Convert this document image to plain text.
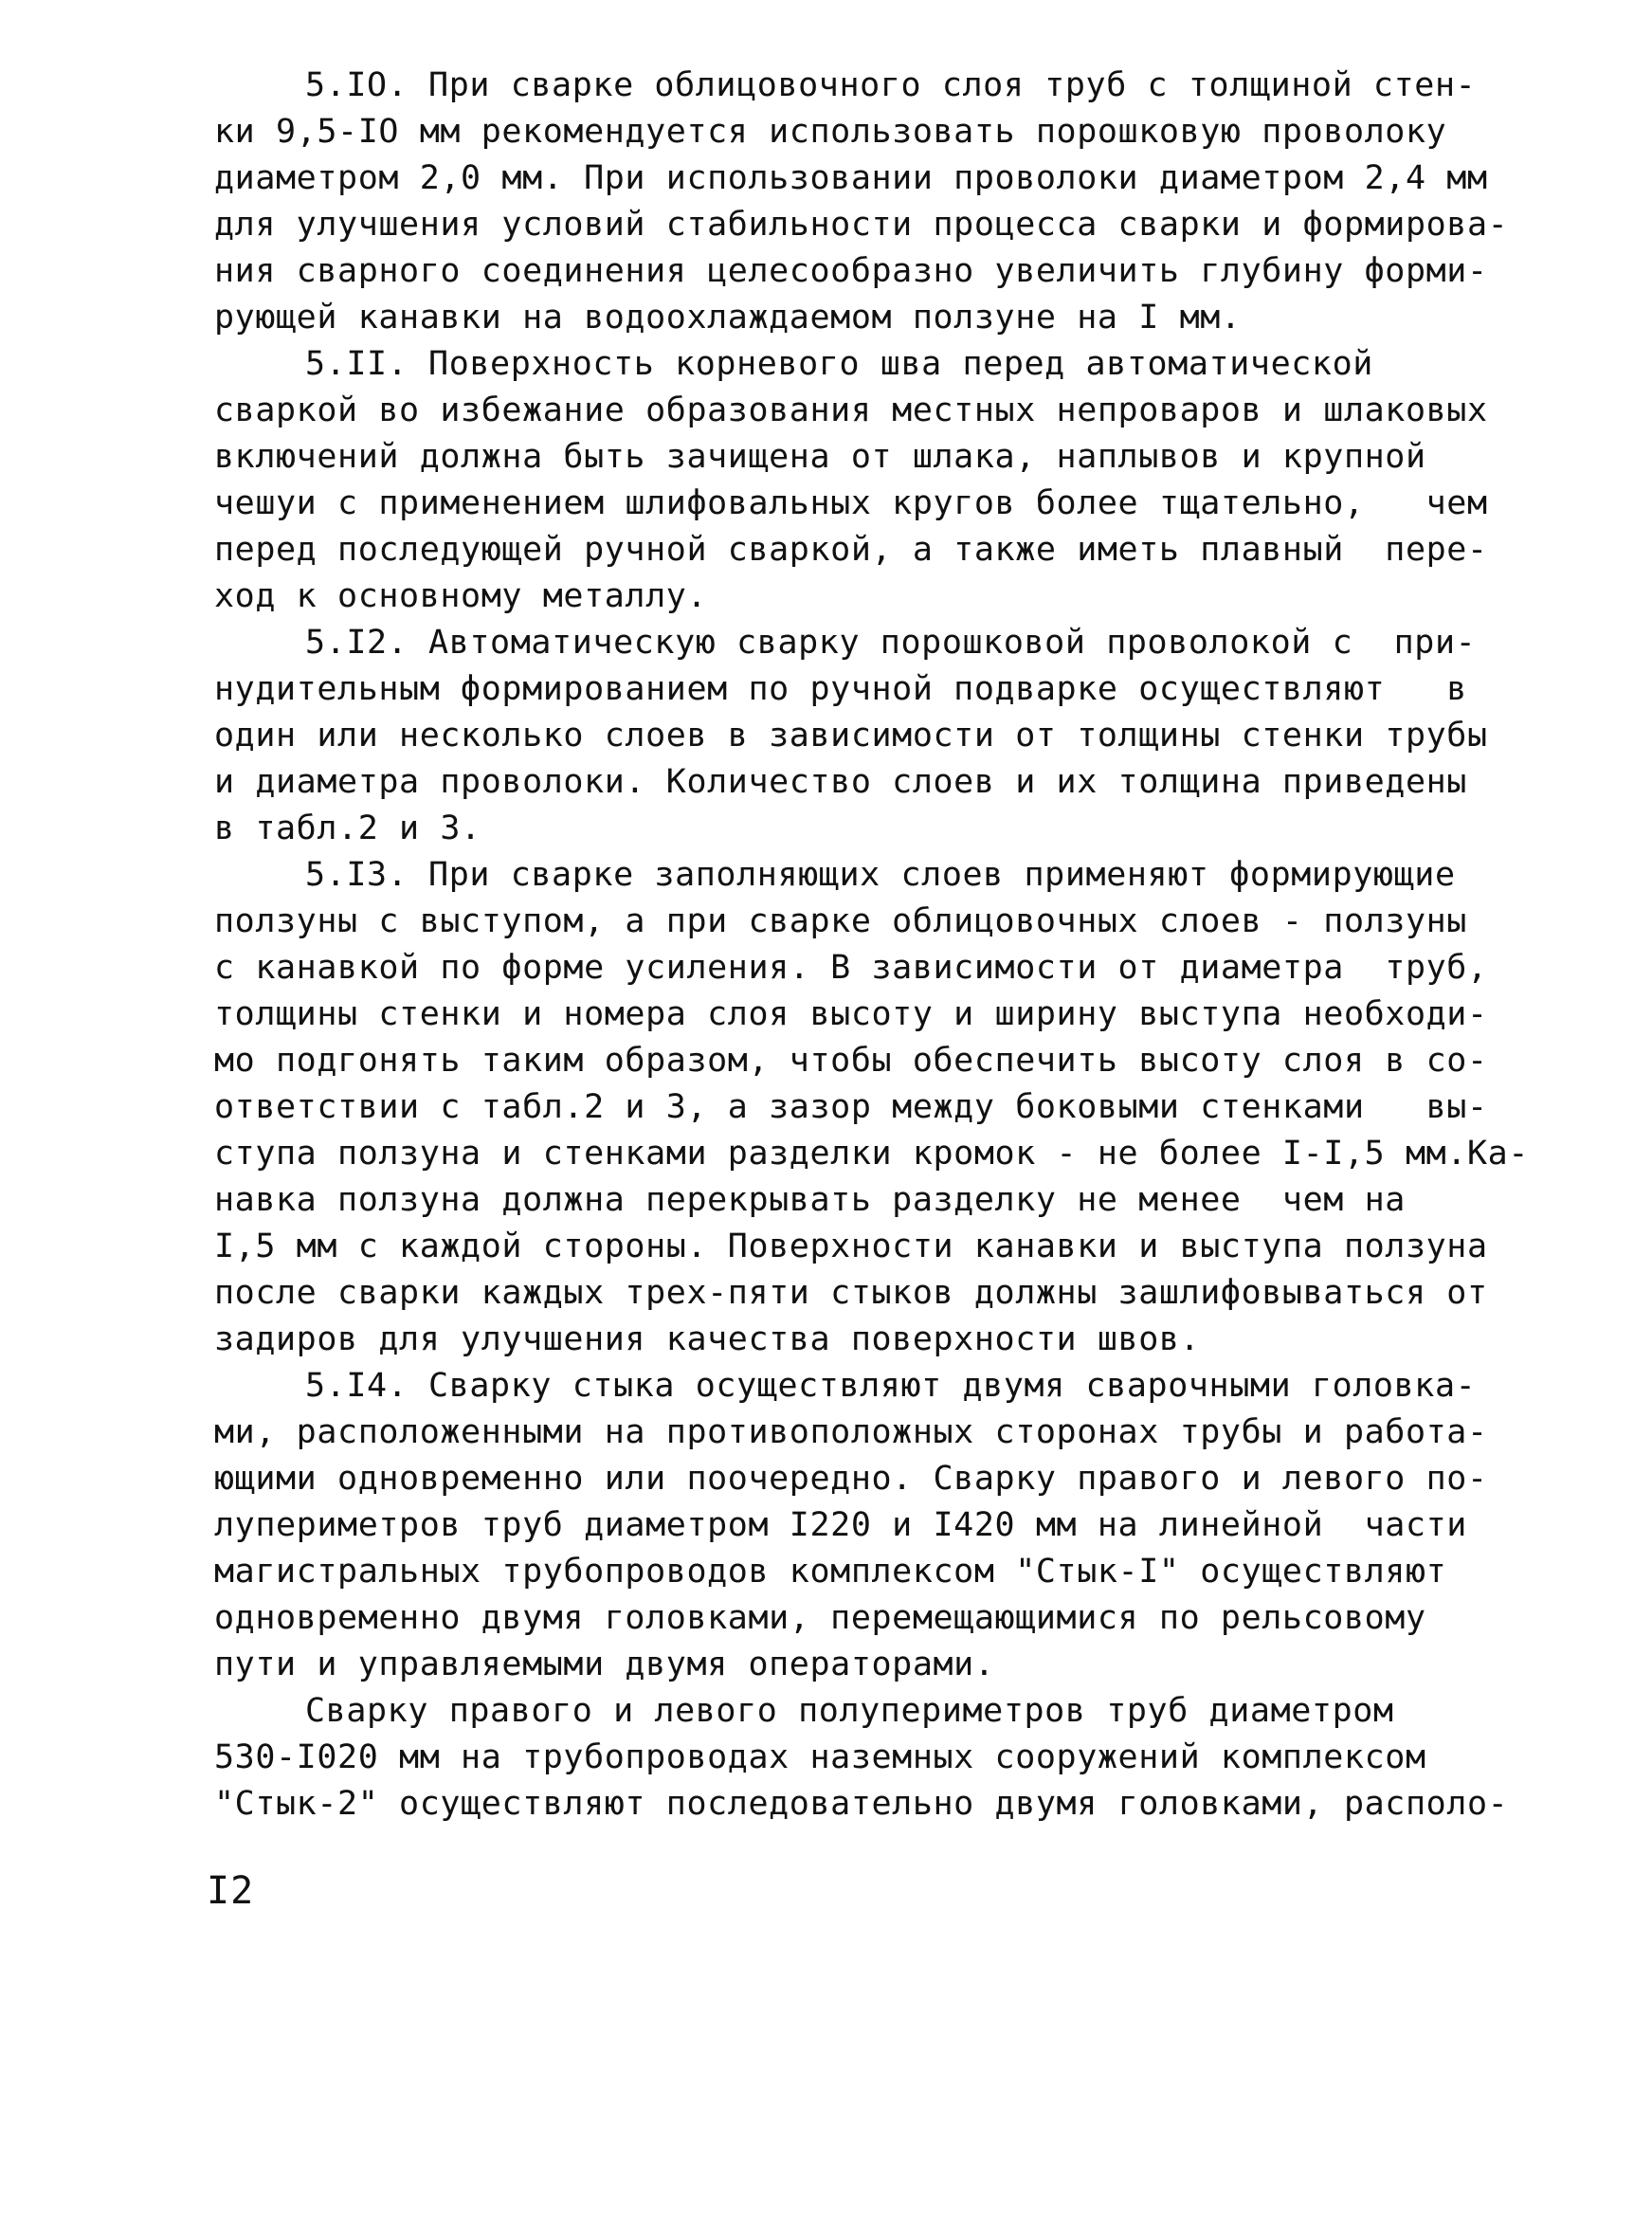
5.IO. При сварке облицовочного слоя труб с толщиной стен-
ки 9,5-IO мм рекомендуется использовать порошковую проволоку
диаметром 2,0 мм. При использовании проволоки диаметром 2,4 мм
для улучшения условий стабильности процесса сварки и формирова-
ния сварного соединения целесообразно увеличить глубину форми-
рующей канавки на водоохлаждаемом ползуне на I мм.
5.II. Поверхность корневого шва перед автоматической
сваркой во избежание образования местных непроваров и шлаковых
включений должна быть зачищена от шлака, наплывов и крупной
чешуи с применением шлифовальных кругов более тщательно,   чем
перед последующей ручной сваркой, а также иметь плавный  пере-
ход к основному металлу.
5.I2. Автоматическую сварку порошковой проволокой с  при-
нудительным формированием по ручной подварке осуществляют   в
один или несколько слоев в зависимости от толщины стенки трубы
и диаметра проволоки. Количество слоев и их толщина приведены
в табл.2 и 3.
5.I3. При сварке заполняющих слоев применяют формирующие
ползуны с выступом, а при сварке облицовочных слоев - ползуны
с канавкой по форме усиления. В зависимости от диаметра  труб,
толщины стенки и номера слоя высоту и ширину выступа необходи-
мо подгонять таким образом, чтобы обеспечить высоту слоя в со-
ответствии с табл.2 и 3, а зазор между боковыми стенками   вы-
ступа ползуна и стенками разделки кромок - не более I-I,5 мм.Ка-
навка ползуна должна перекрывать разделку не менее  чем на
I,5 мм с каждой стороны. Поверхности канавки и выступа ползуна
после сварки каждых трех-пяти стыков должны зашлифовываться от
задиров для улучшения качества поверхности швов.
5.I4. Сварку стыка осуществляют двумя сварочными головка-
ми, расположенными на противоположных сторонах трубы и работа-
ющими одновременно или поочередно. Сварку правого и левого по-
лупериметров труб диаметром I220 и I420 мм на линейной  части
магистральных трубопроводов комплексом "Стык-I" осуществляют
одновременно двумя головками, перемещающимися по рельсовому
пути и управляемыми двумя операторами.
Сварку правого и левого полупериметров труб диаметром
530-I020 мм на трубопроводах наземных сооружений комплексом
"Стык-2" осуществляют последовательно двумя головками, располо-
I2
